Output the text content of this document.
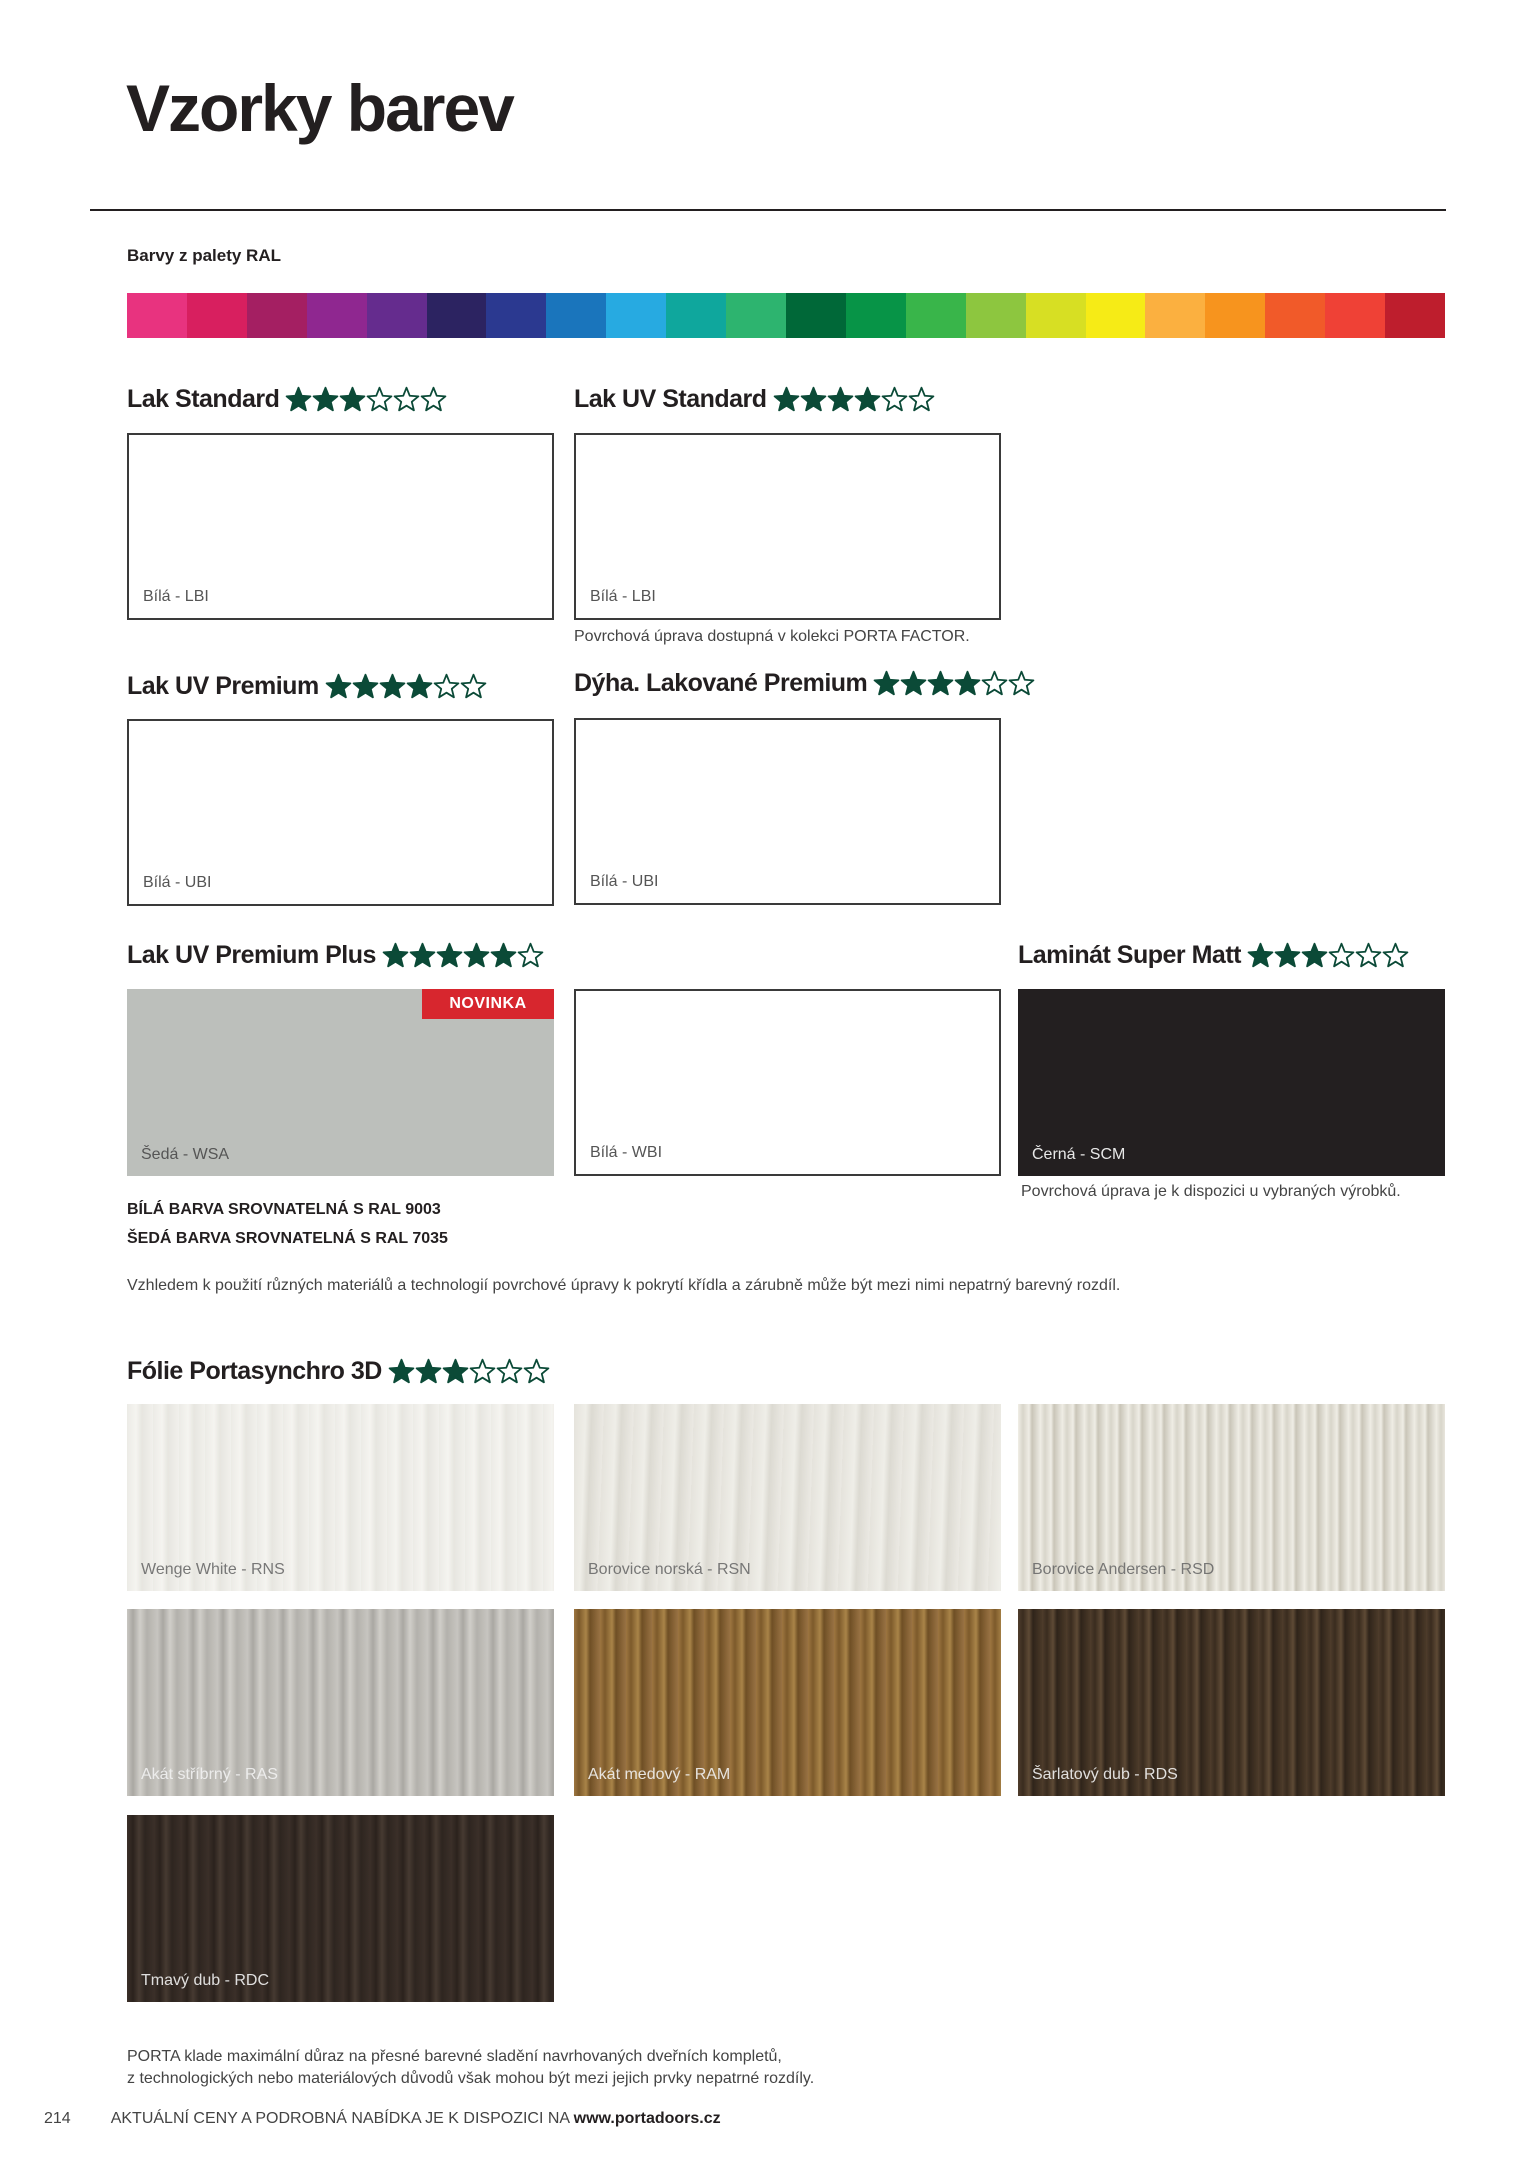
Vzorky barev
Barvy z palety RAL
Lak Standard
Bílá - LBI
Lak UV Standard
Bílá - LBI
Povrchová úprava dostupná v kolekci PORTA FACTOR.
Lak UV Premium
Bílá - UBI
Dýha. Lakované Premium
Bílá - UBI
Lak UV Premium Plus
NOVINKA
Šedá - WSA	Bílá - WBI
Laminát Super Matt
Černá - SCM
Povrchová úprava je k dispozici u vybraných výrobků.
BÍLÁ BARVA SROVNATELNÁ S RAL 9003
ŠEDÁ BARVA SROVNATELNÁ S RAL 7035
Vzhledem k použití různých materiálů a technologií povrchové úpravy k pokrytí křídla a zárubně může být mezi nimi nepatrný barevný rozdíl.
Fólie Portasynchro 3D
Wenge White - RNS	Borovice norská - RSN	Borovice Andersen - RSD
Akát stříbrný - RAS	Akát medový - RAM	Šarlatový dub - RDS
Tmavý dub - RDC
PORTA klade maximální důraz na přesné barevné sladění navrhovaných dveřních kompletů,
z technologických nebo materiálových důvodů však mohou být mezi jejich prvky nepatrné rozdíly.
214	AKTUÁLNÍ CENY A PODROBNÁ NABÍDKA JE K DISPOZICI NA www.portadoors.cz
